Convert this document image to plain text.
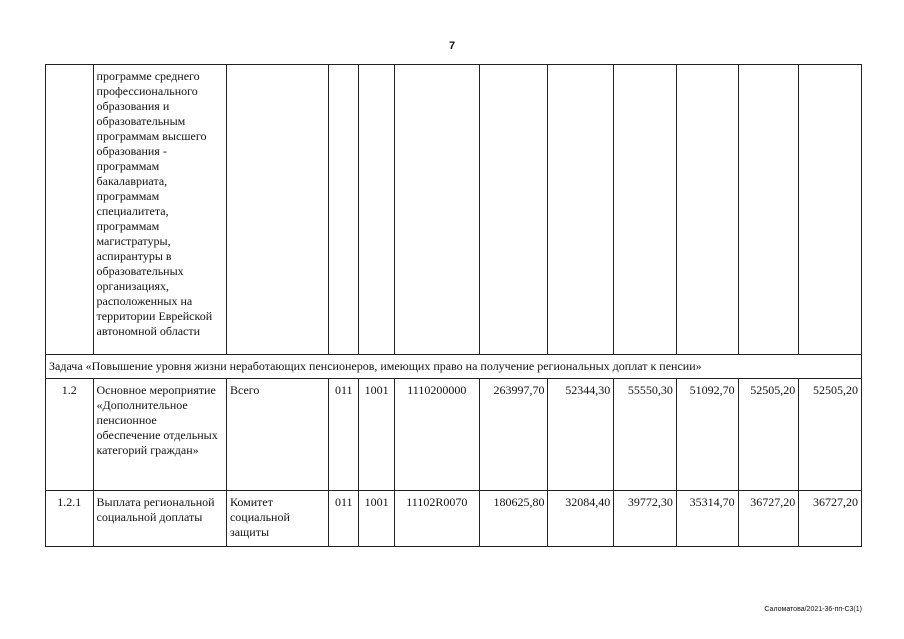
7
	программе среднего профессионального образования и образовательным программам высшего образования - программам бакалавриата, программам специалитета, программам магистратуры, аспирантуры в образовательных организациях, расположенных на территории Еврейской автономной области										
Задача «Повышение уровня жизни неработающих пенсионеров, имеющих право на получение региональных доплат к пенсии»											
1.2	Основное мероприятие «Дополнительное пенсионное обеспечение отдельных категорий граждан»	Всего	011	1001	1110200000	263997,70	52344,30	55550,30	51092,70	52505,20	52505,20
1.2.1	Выплата региональной социальной доплаты	Комитет социальной защиты	011	1001	11102R0070	180625,80	32084,40	39772,30	35314,70	36727,20	36727,20
Саломатова/2021-36-пп-С3(1)
